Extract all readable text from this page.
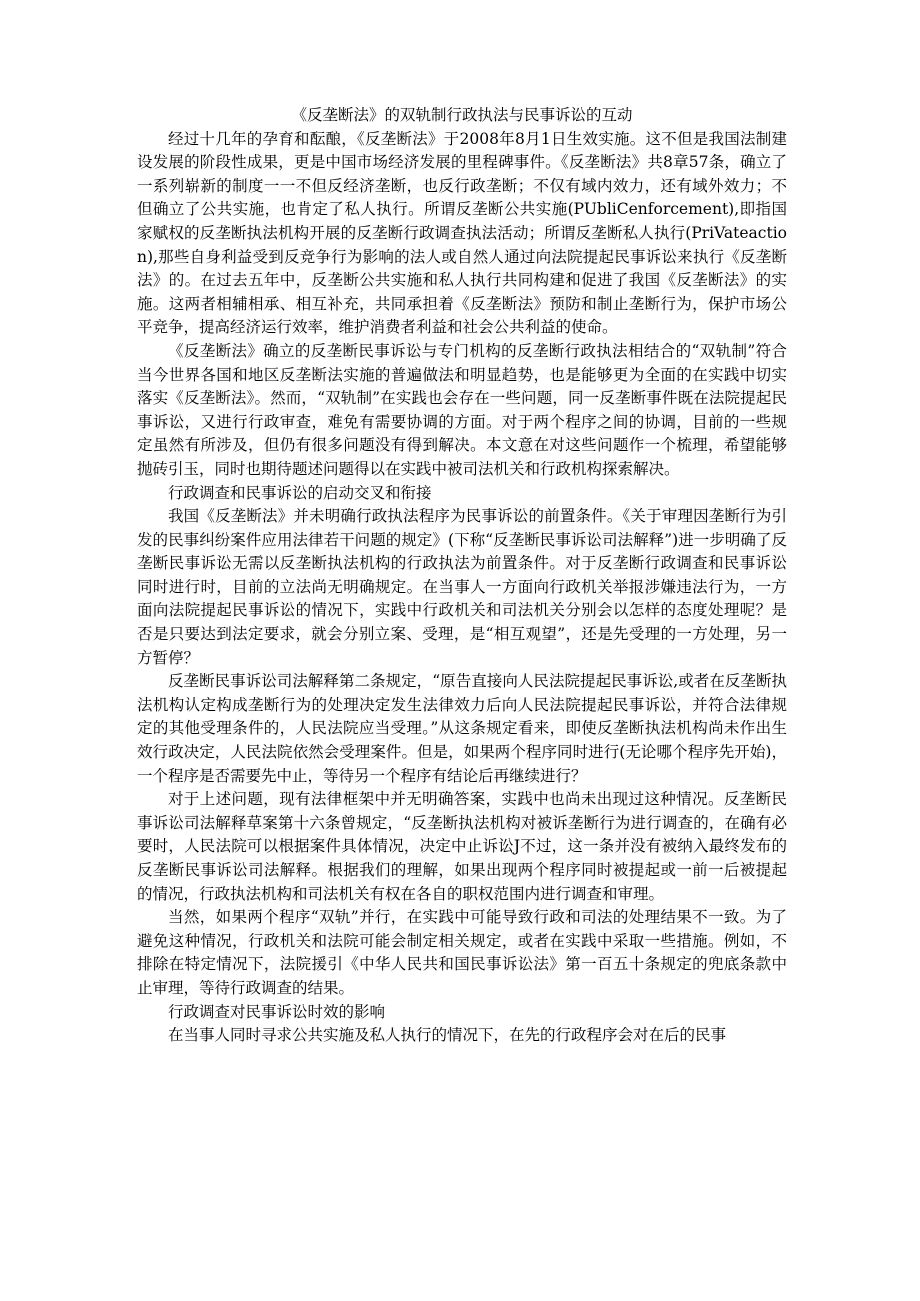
《反垄断法》的双轨制行政执法与民事诉讼的互动

经过十几年的孕育和酝酿，《反垄断法》于2008年8月1日生效实施。这不但是我国法制建设发展的阶段性成果，更是中国市场经济发展的里程碑事件。《反垄断法》共8章57条，确立了一系列崭新的制度一一不但反经济垄断，也反行政垄断；不仅有域内效力，还有域外效力；不但确立了公共实施，也肯定了私人执行。所谓反垄断公共实施(PUbliCenforcement),即指国家赋权的反垄断执法机构开展的反垄断行政调查执法活动；所谓反垄断私人执行(PriVateaction),那些自身利益受到反竞争行为影响的法人或自然人通过向法院提起民事诉讼来执行《反垄断法》的。在过去五年中，反垄断公共实施和私人执行共同构建和促进了我国《反垄断法》的实施。这两者相辅相承、相互补充，共同承担着《反垄断法》预防和制止垄断行为，保护市场公平竞争，提高经济运行效率，维护消费者利益和社会公共利益的使命。

《反垄断法》确立的反垄断民事诉讼与专门机构的反垄断行政执法相结合的“双轨制”符合当今世界各国和地区反垄断法实施的普遍做法和明显趋势，也是能够更为全面的在实践中切实落实《反垄断法》。然而，“双轨制”在实践也会存在一些问题，同一反垄断事件既在法院提起民事诉讼，又进行行政审查，难免有需要协调的方面。对于两个程序之间的协调，目前的一些规定虽然有所涉及，但仍有很多问题没有得到解决。本文意在对这些问题作一个梳理，希望能够抛砖引玉，同时也期待题述问题得以在实践中被司法机关和行政机构探索解决。

行政调查和民事诉讼的启动交叉和衔接

我国《反垄断法》并未明确行政执法程序为民事诉讼的前置条件。《关于审理因垄断行为引发的民事纠纷案件应用法律若干问题的规定》(下称“反垄断民事诉讼司法解释”)进一步明确了反垄断民事诉讼无需以反垄断执法机构的行政执法为前置条件。对于反垄断行政调查和民事诉讼同时进行时，目前的立法尚无明确规定。在当事人一方面向行政机关举报涉嫌违法行为，一方面向法院提起民事诉讼的情况下，实践中行政机关和司法机关分别会以怎样的态度处理呢？是否是只要达到法定要求，就会分别立案、受理，是“相互观望”，还是先受理的一方处理，另一方暂停？

反垄断民事诉讼司法解释第二条规定，“原告直接向人民法院提起民事诉讼,或者在反垄断执法机构认定构成垄断行为的处理决定发生法律效力后向人民法院提起民事诉讼，并符合法律规定的其他受理条件的，人民法院应当受理。”从这条规定看来，即使反垄断执法机构尚未作出生效行政决定，人民法院依然会受理案件。但是，如果两个程序同时进行(无论哪个程序先开始)，一个程序是否需要先中止，等待另一个程序有结论后再继续进行？

对于上述问题，现有法律框架中并无明确答案，实践中也尚未出现过这种情况。反垄断民事诉讼司法解释草案第十六条曾规定，“反垄断执法机构对被诉垄断行为进行调查的，在确有必要时，人民法院可以根据案件具体情况，决定中止诉讼J不过，这一条并没有被纳入最终发布的反垄断民事诉讼司法解释。根据我们的理解，如果出现两个程序同时被提起或一前一后被提起的情况，行政执法机构和司法机关有权在各自的职权范围内进行调查和审理。

当然，如果两个程序“双轨”并行，在实践中可能导致行政和司法的处理结果不一致。为了避免这种情况，行政机关和法院可能会制定相关规定，或者在实践中采取一些措施。例如，不排除在特定情况下，法院援引《中华人民共和国民事诉讼法》第一百五十条规定的兜底条款中止审理，等待行政调查的结果。

行政调查对民事诉讼时效的影响

在当事人同时寻求公共实施及私人执行的情况下，在先的行政程序会对在后的民事
